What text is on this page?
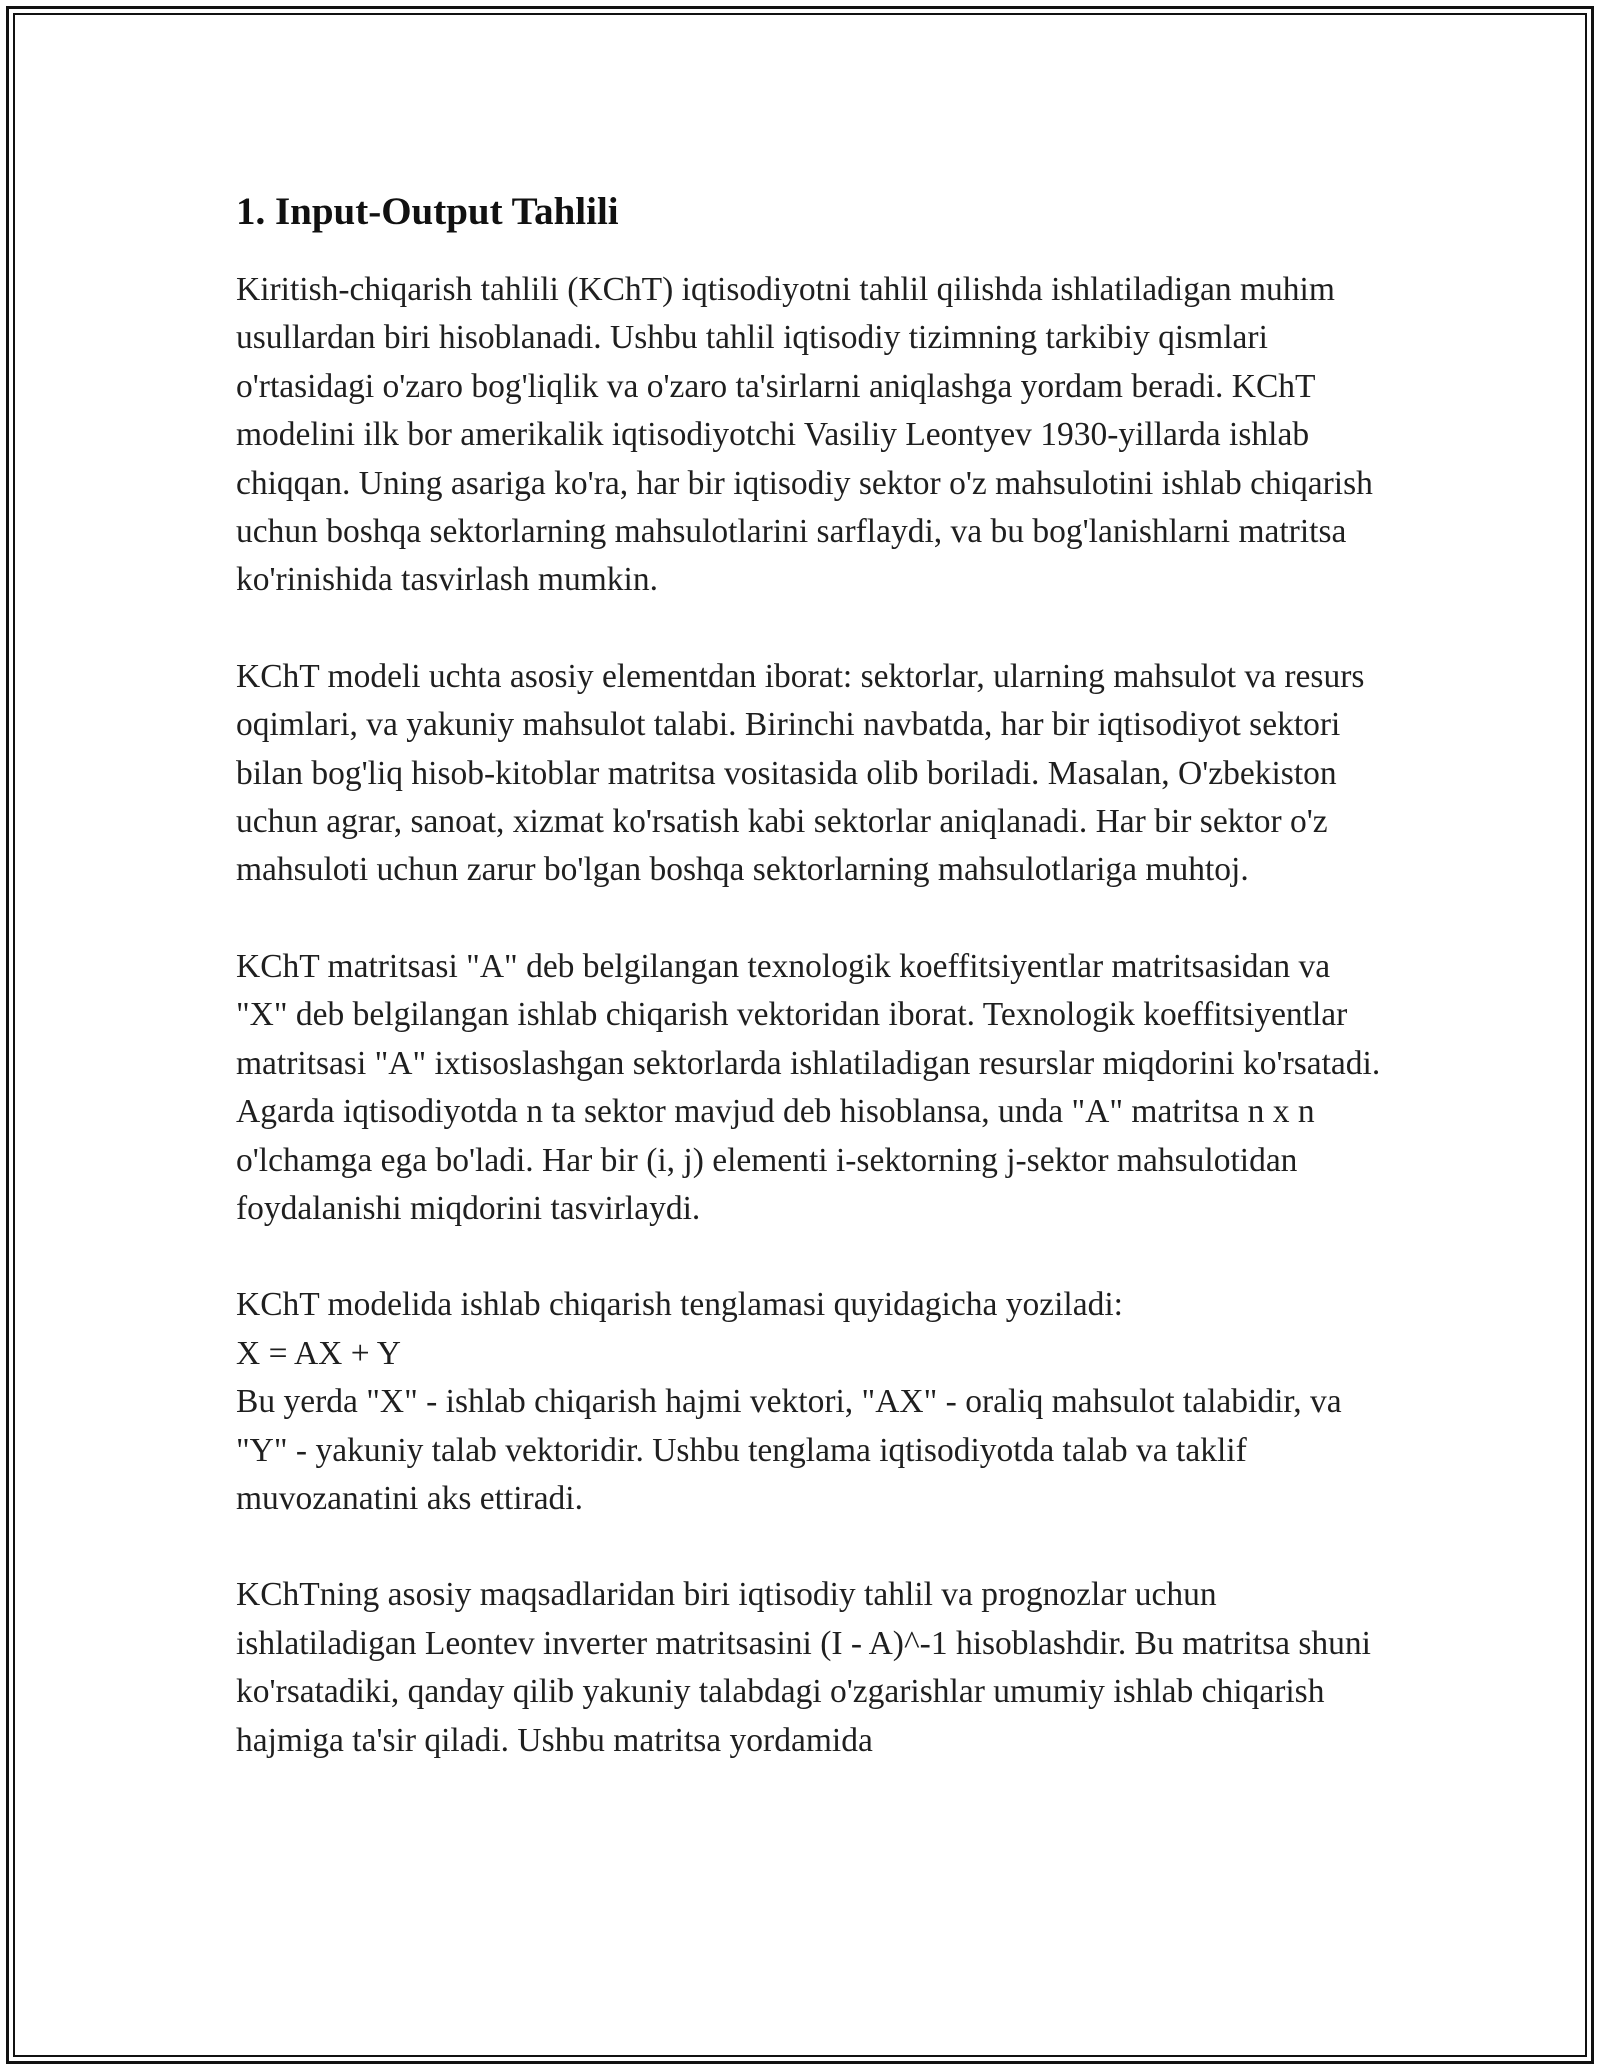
1. Input-Output Tahlili

Kiritish-chiqarish tahlili (KChT) iqtisodiyotni tahlil qilishda ishlatiladigan muhim usullardan biri hisoblanadi. Ushbu tahlil iqtisodiy tizimning tarkibiy qismlari o'rtasidagi o'zaro bog'liqlik va o'zaro ta'sirlarni aniqlashga yordam beradi. KChT modelini ilk bor amerikalik iqtisodiyotchi Vasiliy Leontyev 1930-yillarda ishlab chiqqan. Uning asariga ko'ra, har bir iqtisodiy sektor o'z mahsulotini ishlab chiqarish uchun boshqa sektorlarning mahsulotlarini sarflaydi, va bu bog'lanishlarni matritsa ko'rinishida tasvirlash mumkin.

KChT modeli uchta asosiy elementdan iborat: sektorlar, ularning mahsulot va resurs oqimlari, va yakuniy mahsulot talabi. Birinchi navbatda, har bir iqtisodiyot sektori bilan bog'liq hisob-kitoblar matritsa vositasida olib boriladi. Masalan, O'zbekiston uchun agrar, sanoat, xizmat ko'rsatish kabi sektorlar aniqlanadi. Har bir sektor o'z mahsuloti uchun zarur bo'lgan boshqa sektorlarning mahsulotlariga muhtoj.

KChT matritsasi "A" deb belgilangan texnologik koeffitsiyentlar matritsasidan va "X" deb belgilangan ishlab chiqarish vektoridan iborat. Texnologik koeffitsiyentlar matritsasi "A" ixtisoslashgan sektorlarda ishlatiladigan resurslar miqdorini ko'rsatadi. Agarda iqtisodiyotda n ta sektor mavjud deb hisoblansa, unda "A" matritsa n x n o'lchamga ega bo'ladi. Har bir (i, j) elementi i-sektorning j-sektor mahsulotidan foydalanishi miqdorini tasvirlaydi.

KChT modelida ishlab chiqarish tenglamasi quyidagicha yoziladi:
X = AX + Y
Bu yerda "X" - ishlab chiqarish hajmi vektori, "AX" - oraliq mahsulot talabidir, va "Y" - yakuniy talab vektoridir. Ushbu tenglama iqtisodiyotda talab va taklif muvozanatini aks ettiradi.

KChTning asosiy maqsadlaridan biri iqtisodiy tahlil va prognozlar uchun ishlatiladigan Leontev inverter matritsasini (I - A)^-1 hisoblashdir. Bu matritsa shuni ko'rsatadiki, qanday qilib yakuniy talabdagi o'zgarishlar umumiy ishlab chiqarish hajmiga ta'sir qiladi. Ushbu matritsa yordamida
